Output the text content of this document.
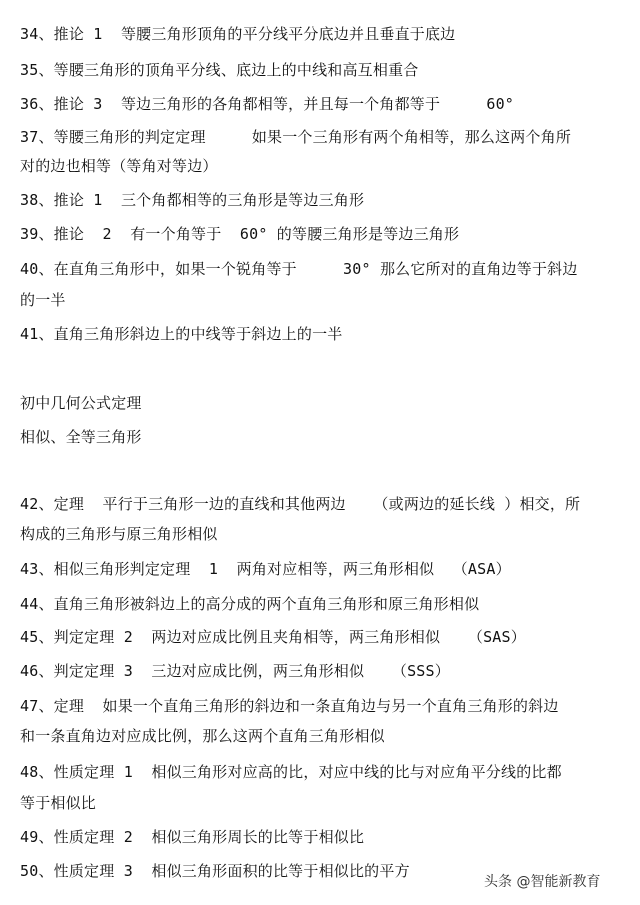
34、推论 1  等腰三角形顶角的平分线平分底边并且垂直于底边
35、等腰三角形的顶角平分线、底边上的中线和高互相重合
36、推论 3  等边三角形的各角都相等，并且每一个角都等于     60°
37、等腰三角形的判定定理     如果一个三角形有两个角相等，那么这两个角所
对的边也相等（等角对等边）
38、推论 1  三个角都相等的三角形是等边三角形
39、推论  2  有一个角等于  60° 的等腰三角形是等边三角形
40、在直角三角形中，如果一个锐角等于     30° 那么它所对的直角边等于斜边
的一半
41、直角三角形斜边上的中线等于斜边上的一半
初中几何公式定理
相似、全等三角形
42、定理  平行于三角形一边的直线和其他两边   （或两边的延长线 ）相交，所
构成的三角形与原三角形相似
43、相似三角形判定定理  1  两角对应相等，两三角形相似  （ASA）
44、直角三角形被斜边上的高分成的两个直角三角形和原三角形相似
45、判定定理 2  两边对应成比例且夹角相等，两三角形相似   （SAS）
46、判定定理 3  三边对应成比例，两三角形相似   （SSS）
47、定理  如果一个直角三角形的斜边和一条直角边与另一个直角三角形的斜边
和一条直角边对应成比例，那么这两个直角三角形相似
48、性质定理 1  相似三角形对应高的比，对应中线的比与对应角平分线的比都
等于相似比
49、性质定理 2  相似三角形周长的比等于相似比
50、性质定理 3  相似三角形面积的比等于相似比的平方
头条 @智能新教育
